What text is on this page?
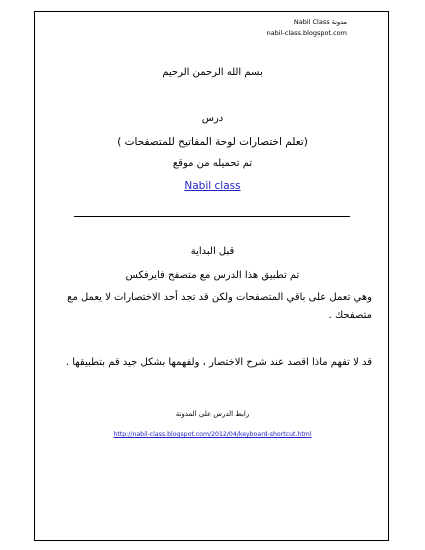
مدونة Nabil Class
nabil-class.blogspot.com
بسم الله الرحمن الرحيم
درس
(تعلم اختصارات لوحة المفاتيح للمتصفحات )
تم تحميله من موقع
Nabil class
قبل البداية
تم تطبيق هذا الدرس مع متصفح فايرفكس
وهي تعمل على باقي المتصفحات ولكن قد تجد أحد الاختصارات لا يعمل مع متصفحك .
قد لا تفهم ماذا اقصد عند شرح الاختصار ، ولفهمها بشكل جيد قم بتطبيقها .
رابط الدرس على المدونة
http://nabil-class.blogspot.com/2012/04/keyboard-shortcut.html
